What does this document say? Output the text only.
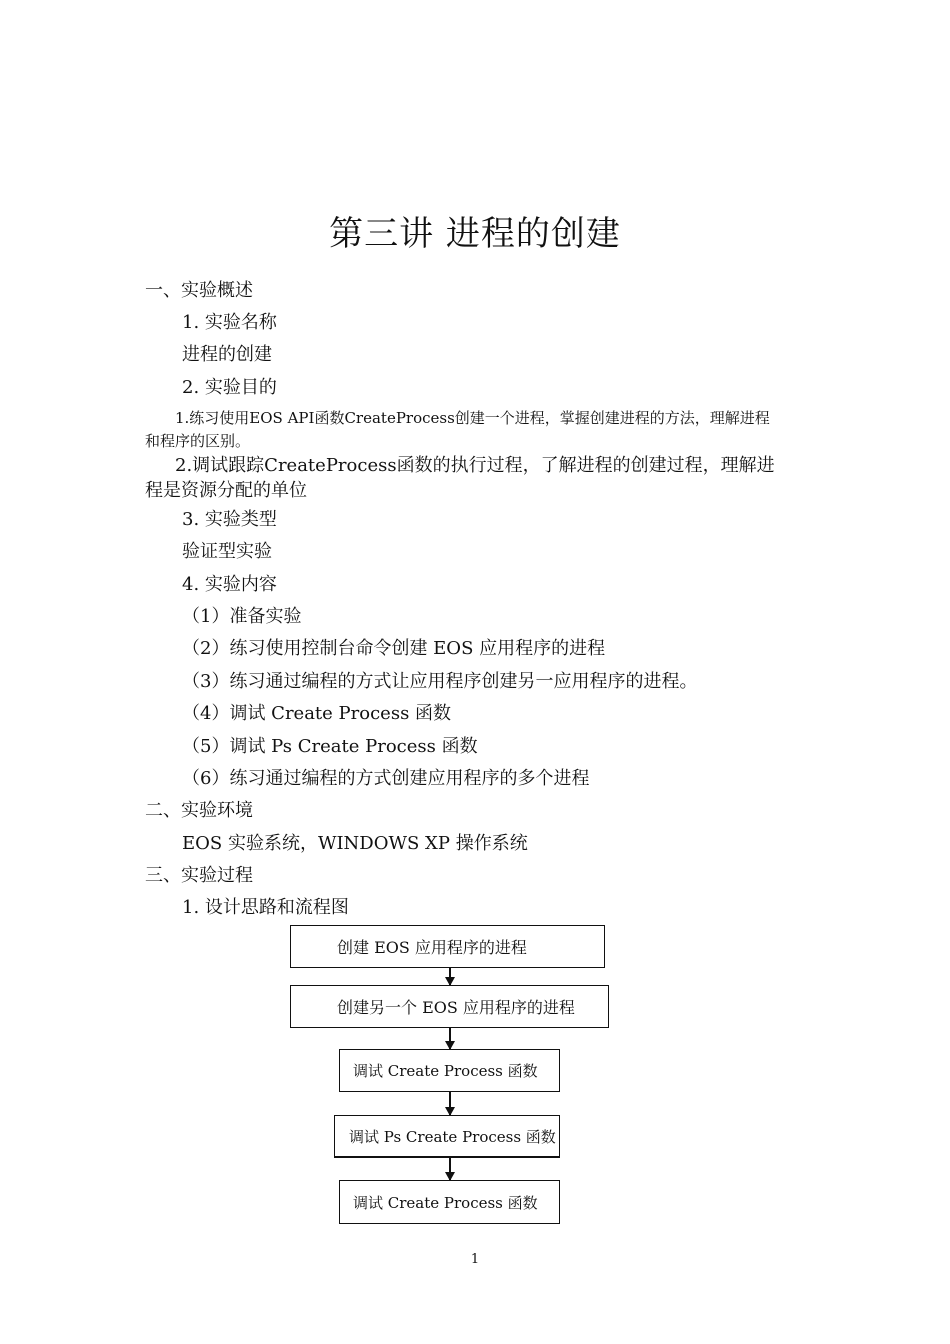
第三讲 进程的创建
一、实验概述
1. 实验名称
进程的创建
2. 实验目的
1.练习使用EOS API函数CreateProcess创建一个进程，掌握创建进程的方法，理解进程
和程序的区别。
2.调试跟踪CreateProcess函数的执行过程，了解进程的创建过程，理解进
程是资源分配的单位
3. 实验类型
验证型实验
4. 实验内容
（1）准备实验
（2）练习使用控制台命令创建 EOS 应用程序的进程
（3）练习通过编程的方式让应用程序创建另一应用程序的进程。
（4）调试 Create Process 函数
（5）调试 Ps Create Process 函数
（6）练习通过编程的方式创建应用程序的多个进程
二、实验环境
EOS 实验系统，WINDOWS XP 操作系统
三、实验过程
1. 设计思路和流程图
创建 EOS 应用程序的进程
创建另一个 EOS 应用程序的进程
调试 Create Process 函数
调试 Ps Create Process 函数
调试 Create Process 函数
1
